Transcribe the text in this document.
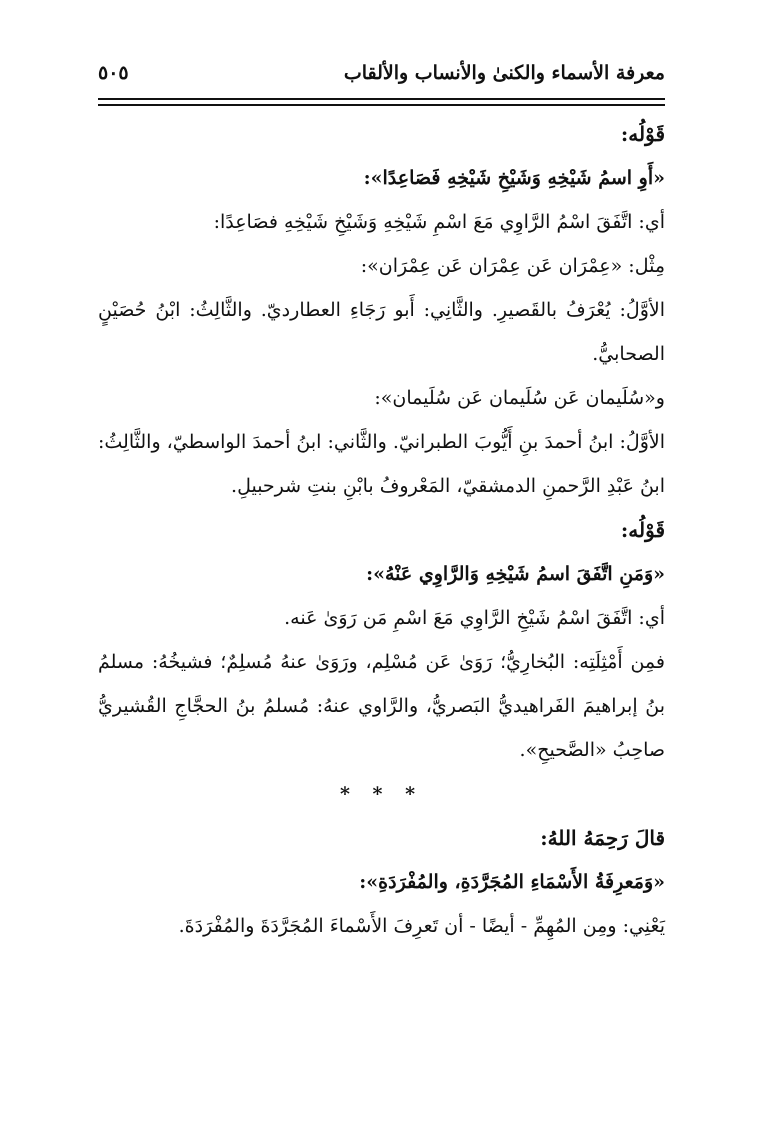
معرفة الأسماء والكنىٰ والأنساب والألقاب
٥٠٥

قَوْلُه:

«أَوِ اسمُ شَيْخِهِ وَشَيْخِ شَيْخِهِ فَصَاعِدًا»:

أي: اتَّفَقَ اسْمُ الرَّاوِي مَعَ اسْمِ شَيْخِهِ وَشَيْخِ شَيْخِهِ فصَاعِدًا:

مِثْل: «عِمْرَان عَن عِمْرَان عَن عِمْرَان»:

الأوَّلُ: يُعْرَفُ بالقَصيرِ. والثَّانِي: أَبو رَجَاءِ العطارديّ. والثَّالِثُ: ابْنُ حُصَيْنٍ الصحابيُّ.

و«سُلَيمان عَن سُلَيمان عَن سُلَيمان»:

الأوَّلُ: ابنُ أحمدَ بنِ أَيُّوبَ الطبرانيّ. والثَّاني: ابنُ أحمدَ الواسطيّ، والثَّالِثُ: ابنُ عَبْدِ الرَّحمنِ الدمشقيّ، المَعْروفُ بابْنِ بنتِ شرحبيلِ.

قَوْلُه:

«وَمَنِ اتَّفَقَ اسمُ شَيْخِهِ وَالرَّاوِي عَنْهُ»:

أي: اتَّفَقَ اسْمُ شَيْخِ الرَّاوِي مَعَ اسْمِ مَن رَوَىٰ عَنه.

فمِن أَمْثِلَتِه: البُخارِيُّ؛ رَوَىٰ عَن مُسْلِم، ورَوَىٰ عنهُ مُسلِمٌ؛ فشيخُهُ: مسلمُ بنُ إبراهيمَ الفَراهيديُّ البَصريُّ، والرَّاوي عنهُ: مُسلمُ بنُ الحجَّاجِ القُشيريُّ صاحِبُ «الصَّحيحِ».

* * *

قالَ رَحِمَهُ اللهُ:

«وَمَعرِفَةُ الأَسْمَاءِ المُجَرَّدَةِ، والمُفْرَدَةِ»:

يَعْنِي: ومِن المُهِمِّ - أيضًا - أن تَعرِفَ الأَسْماءَ المُجَرَّدَةَ والمُفْرَدَةَ.
